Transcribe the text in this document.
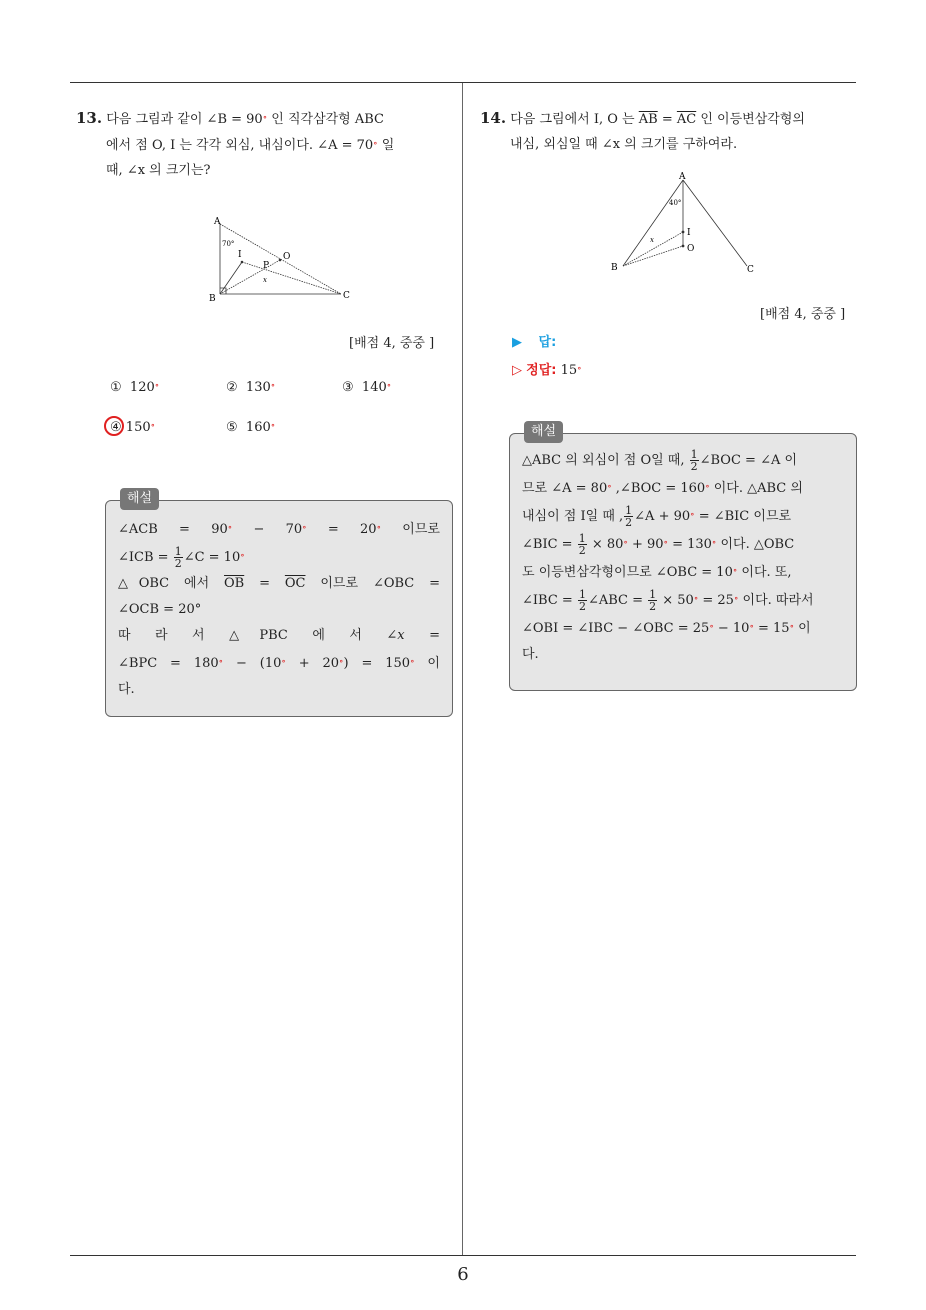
13. 다음 그림과 같이 ∠B = 90∘ 인 직각삼각형 ABC
에서 점 O, I 는 각각 외심, 내심이다. ∠A = 70∘ 일
때, ∠x 의 크기는?
A
B	C
I	O
P
x
70°
[배점 4, 중중 ]
① 120∘	② 130∘	③ 140∘
④ 150∘	⑤ 160∘
해설
∠ACB = 90∘ − 70∘ = 20∘ 이므로
∠ICB = $\frac{1}{2}$ ∠C = 10∘
△OBC 에서 $\overline{OB} = \overline{OC}$ 이므로 ∠OBC =
∠OCB = 20°
따 라 서 △PBC 에 서 ∠x =
∠BPC = 180∘ − (10∘ + 20∘) = 150∘ 이
다.
14. 다음 그림에서 I, O 는 $\overline{AB} = \overline{AC}$ 인 이등변삼각형의
내심, 외심일 때 ∠x 의 크기를 구하여라.
A
B	C
I
O
x
40°
[배점 4, 중중 ]
▶ 답:
▷ 정답: 15∘
해설
△ABC 의 외심이 점 O일 때, $\frac{1}{2}$ ∠BOC = ∠A 이
므로 ∠A = 80∘ ,∠BOC = 160∘ 이다. △ABC 의
내심이 점 I일 때 , $\frac{1}{2}$ ∠A + 90∘ = ∠BIC 이므로
∠BIC = $\frac{1}{2} \times 80^\circ + 90^\circ = 130^\circ$ 이다. △OBC
도 이등변삼각형이므로 ∠OBC = 10∘ 이다. 또,
∠IBC = $\frac{1}{2}$ ∠ABC = $\frac{1}{2} \times 50^\circ = 25^\circ$ 이다. 따라서
∠OBI = ∠IBC − ∠OBC = 25∘ − 10∘ = 15∘ 이
다.
6
